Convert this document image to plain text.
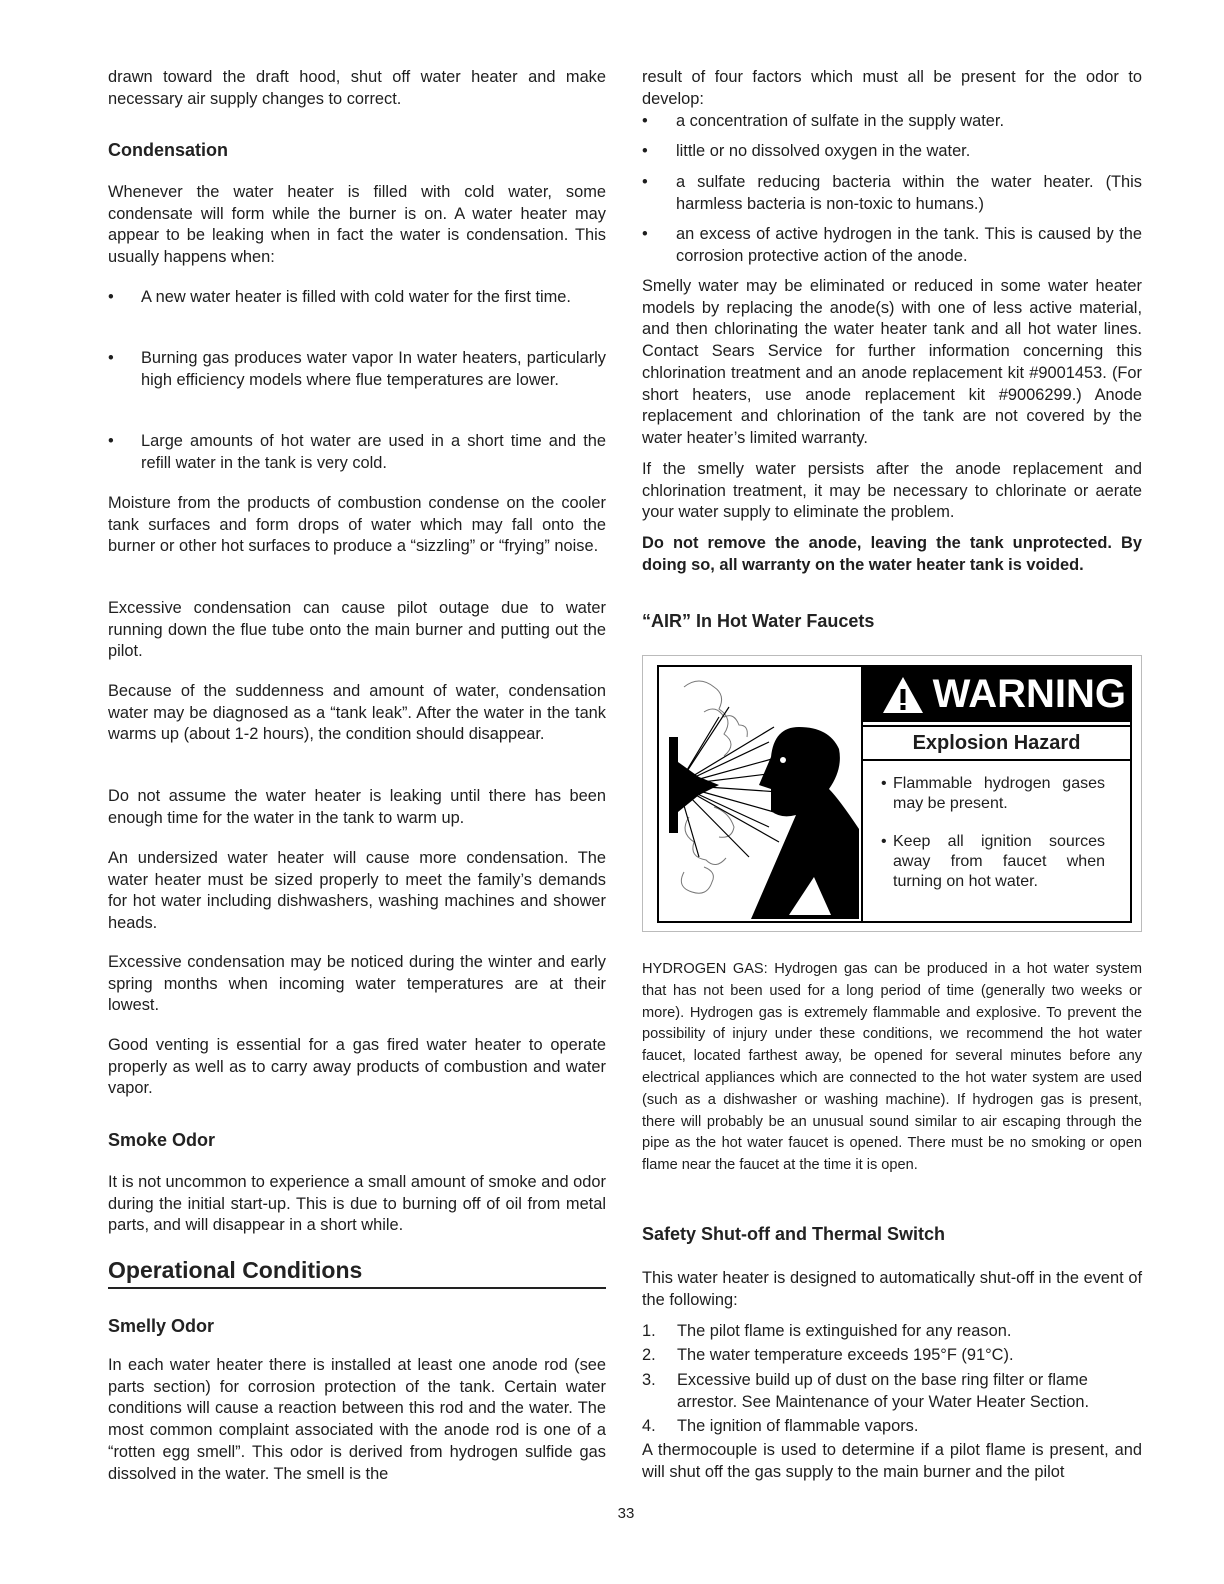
drawn toward the draft hood, shut off water heater and make necessary air supply changes to correct.

Condensation

Whenever the water heater is filled with cold water, some condensate will form while the burner is on. A water heater may appear to be leaking when in fact the water is condensation. This usually happens when:

• A new water heater is filled with cold water for the first time.
• Burning gas produces water vapor In water heaters, particularly high efficiency models where flue temperatures are lower.
• Large amounts of hot water are used in a short time and the refill water in the tank is very cold.

Moisture from the products of combustion condense on the cooler tank surfaces and form drops of water which may fall onto the burner or other hot surfaces to produce a “sizzling” or “frying” noise.

Excessive condensation can cause pilot outage due to water running down the flue tube onto the main burner and putting out the pilot.

Because of the suddenness and amount of water, condensation water may be diagnosed as a “tank leak”. After the water in the tank warms up (about 1-2 hours), the condition should disappear.

Do not assume the water heater is leaking until there has been enough time for the water in the tank to warm up.

An undersized water heater will cause more condensation. The water heater must be sized properly to meet the family’s demands for hot water including dishwashers, washing machines and shower heads.

Excessive condensation may be noticed during the winter and early spring months when incoming water temperatures are at their lowest.

Good venting is essential for a gas fired water heater to operate properly as well as to carry away products of combustion and water vapor.

Smoke Odor

It is not uncommon to experience a small amount of smoke and odor during the initial start-up. This is due to burning off of oil from metal parts, and will disappear in a short while.

Operational Conditions
Smelly Odor

In each water heater there is installed at least one anode rod (see parts section) for corrosion protection of the tank. Certain water conditions will cause a reaction between this rod and the water. The most common complaint associated with the anode rod is one of a “rotten egg smell”. This odor is derived from hydrogen sulfide gas dissolved in the water. The smell is the

result of four factors which must all be present for the odor to develop:

• a concentration of sulfate in the supply water.
• little or no dissolved oxygen in the water.
• a sulfate reducing bacteria within the water heater. (This harmless bacteria is non-toxic to humans.)
• an excess of active hydrogen in the tank. This is caused by the corrosion protective action of the anode.

Smelly water may be eliminated or reduced in some water heater models by replacing the anode(s) with one of less active material, and then chlorinating the water heater tank and all hot water lines. Contact Sears Service for further information concerning this chlorination treatment and an anode replacement kit #9001453. (For short heaters, use anode replacement kit #9006299.) Anode replacement and chlorination of the tank are not covered by the water heater’s limited warranty.

If the smelly water persists after the anode replacement and chlorination treatment, it may be necessary to chlorinate or aerate your water supply to eliminate the problem.

Do not remove the anode, leaving the tank unprotected. By doing so, all warranty on the water heater tank is voided.

“AIR” In Hot Water Faucets
WARNING
Explosion Hazard
• Flammable hydrogen gases may be present.
• Keep all ignition sources away from faucet when turning on hot water.

HYDROGEN GAS: Hydrogen gas can be produced in a hot water system that has not been used for a long period of time (generally two weeks or more). Hydrogen gas is extremely flammable and explosive. To prevent the possibility of injury under these conditions, we recommend the hot water faucet, located farthest away, be opened for several minutes before any electrical appliances which are connected to the hot water system are used (such as a dishwasher or washing machine). If hydrogen gas is present, there will probably be an unusual sound similar to air escaping through the pipe as the hot water faucet is opened. There must be no smoking or open flame near the faucet at the time it is open.

Safety Shut-off and Thermal Switch

This water heater is designed to automatically shut-off in the event of the following:

1. The pilot flame is extinguished for any reason.
2. The water temperature exceeds 195°F (91°C).
3. Excessive build up of dust on the base ring filter or flame arrestor. See Maintenance of your Water Heater Section.
4. The ignition of flammable vapors.

A thermocouple is used to determine if a pilot flame is present, and will shut off the gas supply to the main burner and the pilot

33
